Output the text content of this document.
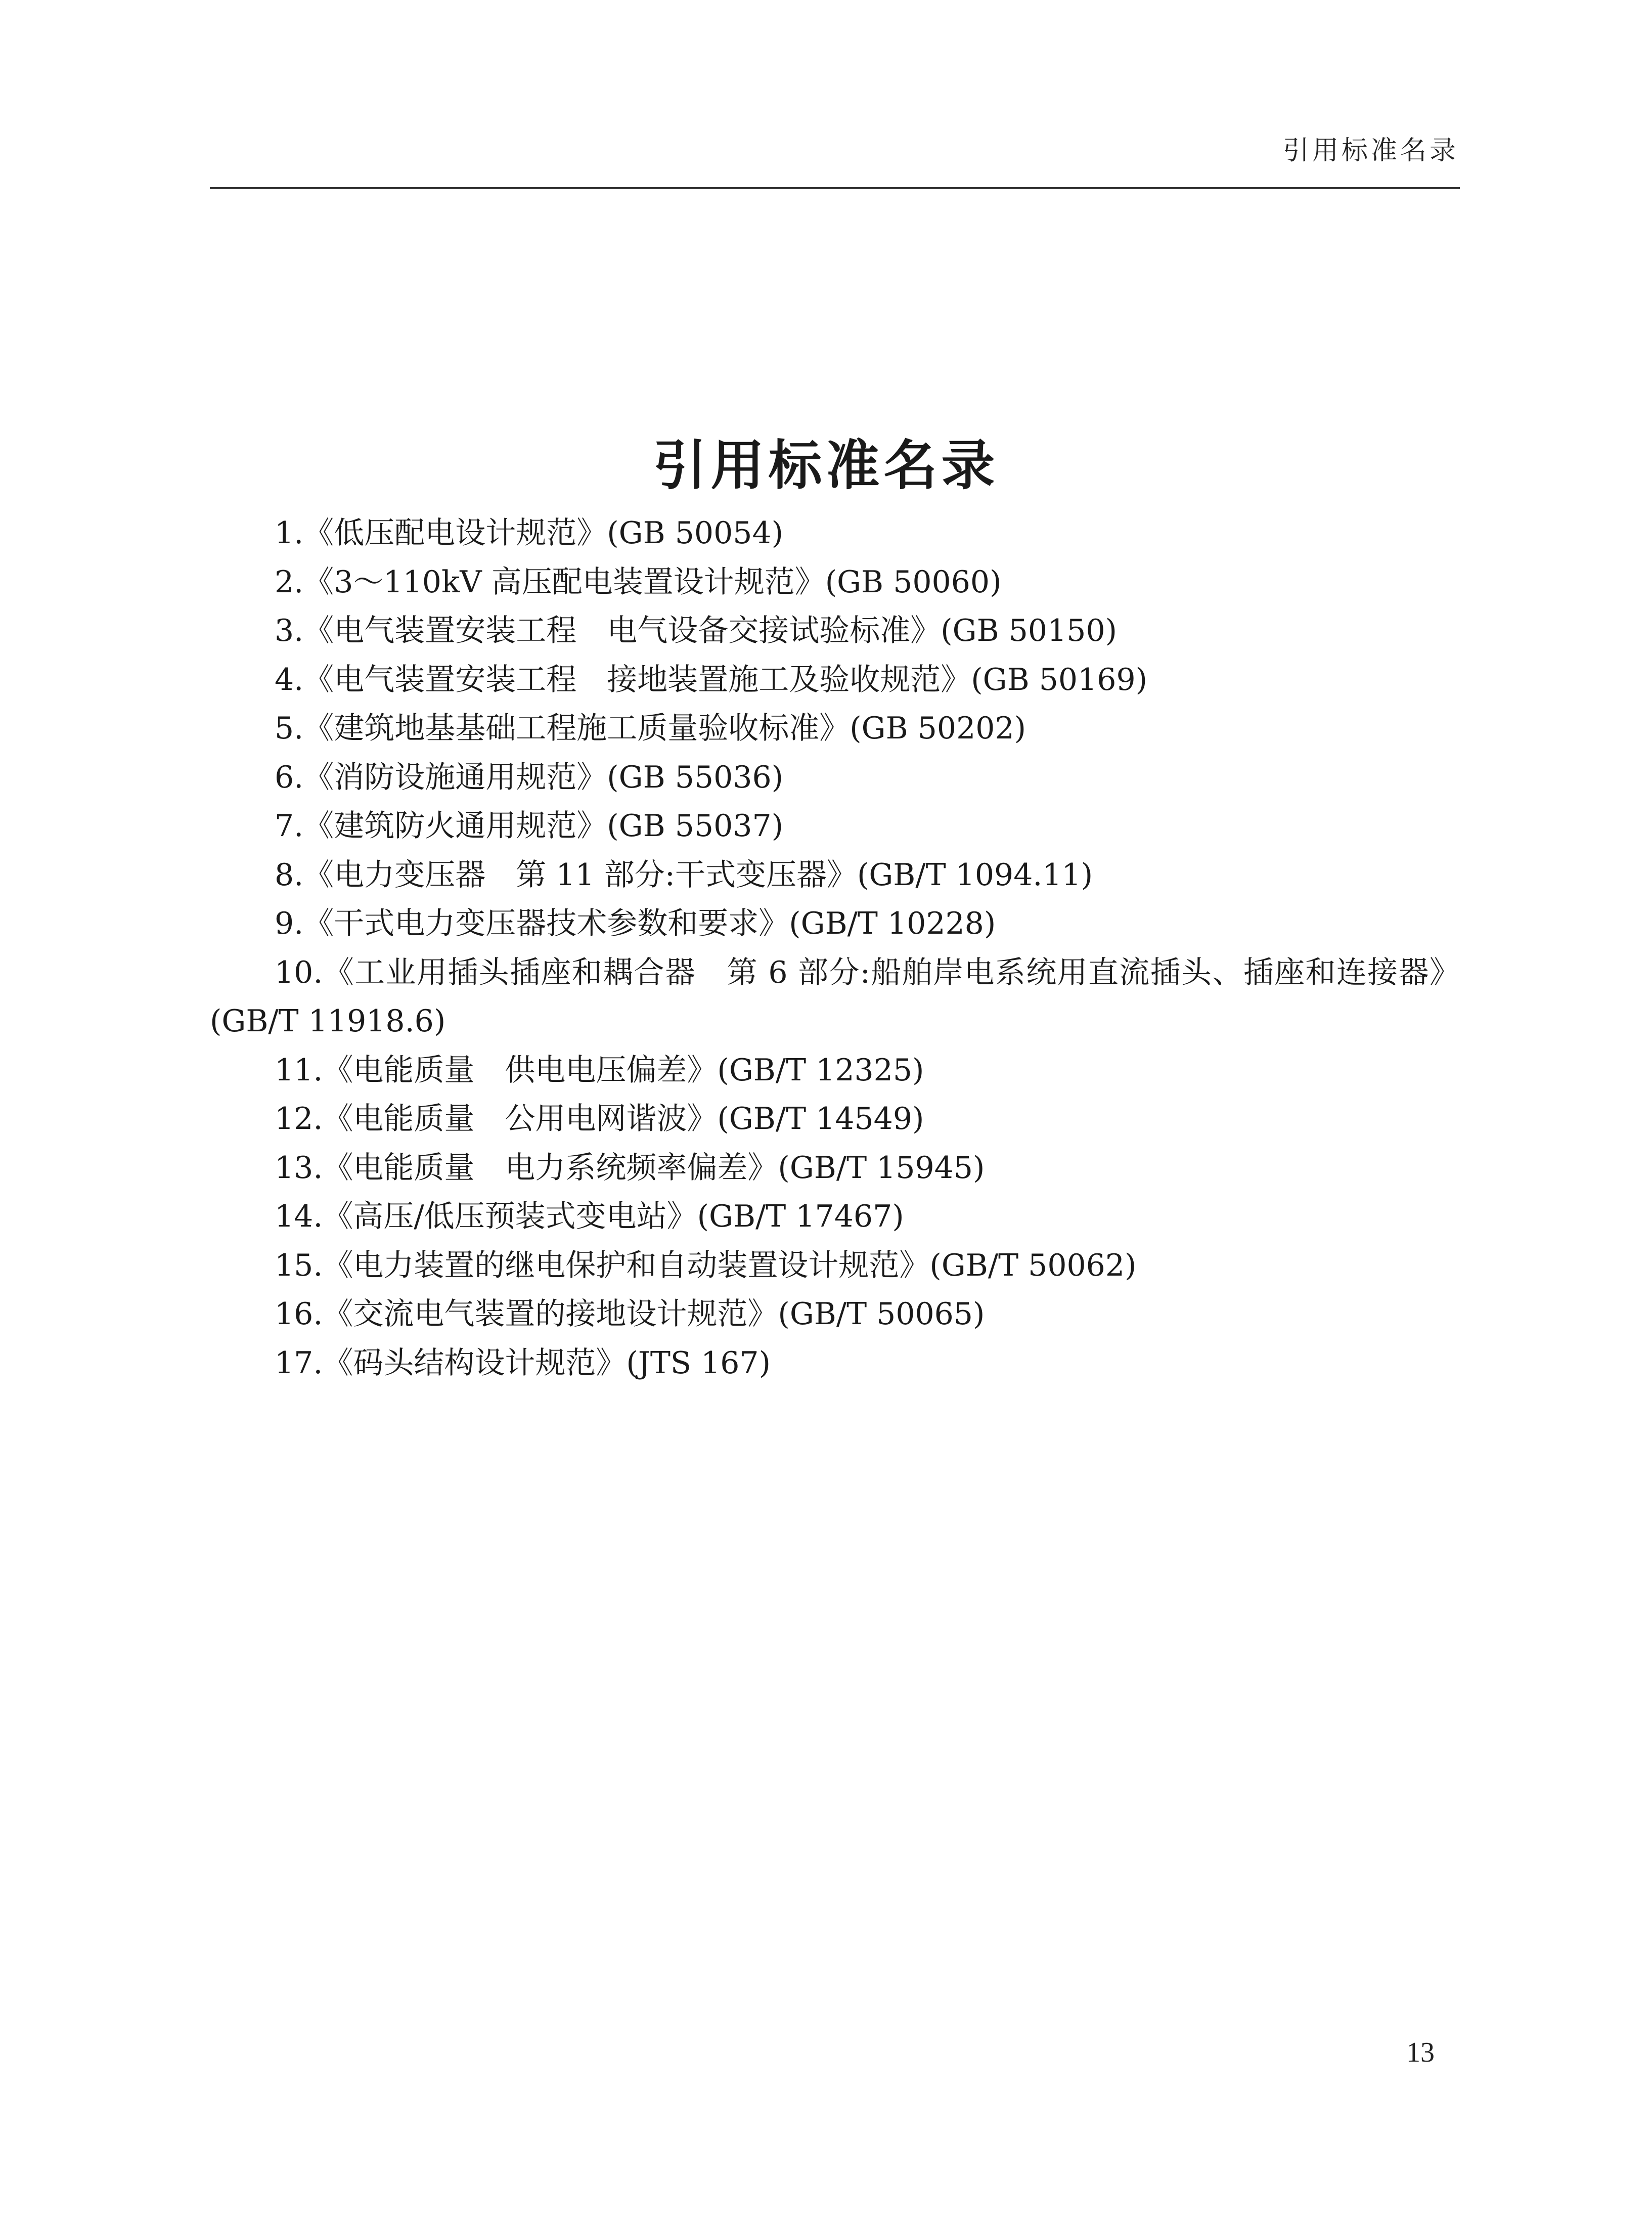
引用标准名录
引用标准名录
1.《低压配电设计规范》(GB 50054)
2.《3～110kV 高压配电装置设计规范》(GB 50060)
3.《电气装置安装工程　电气设备交接试验标准》(GB 50150)
4.《电气装置安装工程　接地装置施工及验收规范》(GB 50169)
5.《建筑地基基础工程施工质量验收标准》(GB 50202)
6.《消防设施通用规范》(GB 55036)
7.《建筑防火通用规范》(GB 55037)
8.《电力变压器　第 11 部分:干式变压器》(GB/T 1094.11)
9.《干式电力变压器技术参数和要求》(GB/T 10228)
10.《工业用插头插座和耦合器　第 6 部分:船舶岸电系统用直流插头、插座和连接器》(GB/T 11918.6)
11.《电能质量　供电电压偏差》(GB/T 12325)
12.《电能质量　公用电网谐波》(GB/T 14549)
13.《电能质量　电力系统频率偏差》(GB/T 15945)
14.《高压/低压预装式变电站》(GB/T 17467)
15.《电力装置的继电保护和自动装置设计规范》(GB/T 50062)
16.《交流电气装置的接地设计规范》(GB/T 50065)
17.《码头结构设计规范》(JTS 167)
13
